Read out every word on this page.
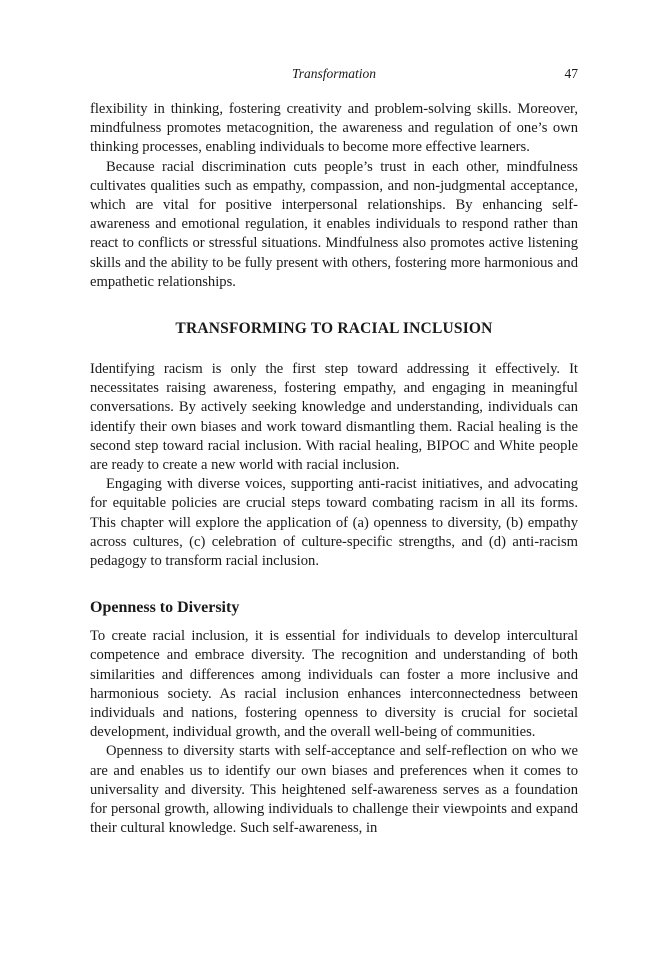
Transformation	47

flexibility in thinking, fostering creativity and problem-solving skills. Moreover, mindfulness promotes metacognition, the awareness and regulation of one’s own thinking processes, enabling individuals to become more effective learners.

Because racial discrimination cuts people’s trust in each other, mindfulness cultivates qualities such as empathy, compassion, and non-judgmental acceptance, which are vital for positive interpersonal relationships. By enhancing self-awareness and emotional regulation, it enables individuals to respond rather than react to conflicts or stressful situations. Mindfulness also promotes active listening skills and the ability to be fully present with others, fostering more harmonious and empathetic relationships.

TRANSFORMING TO RACIAL INCLUSION

Identifying racism is only the first step toward addressing it effectively. It necessitates raising awareness, fostering empathy, and engaging in meaningful conversations. By actively seeking knowledge and understanding, individuals can identify their own biases and work toward dismantling them. Racial healing is the second step toward racial inclusion. With racial healing, BIPOC and White people are ready to create a new world with racial inclusion.

Engaging with diverse voices, supporting anti-racist initiatives, and advocating for equitable policies are crucial steps toward combating racism in all its forms. This chapter will explore the application of (a) openness to diversity, (b) empathy across cultures, (c) celebration of culture-specific strengths, and (d) anti-racism pedagogy to transform racial inclusion.

Openness to Diversity

To create racial inclusion, it is essential for individuals to develop intercultural competence and embrace diversity. The recognition and understanding of both similarities and differences among individuals can foster a more inclusive and harmonious society. As racial inclusion enhances interconnectedness between individuals and nations, fostering openness to diversity is crucial for societal development, individual growth, and the overall well-being of communities.

Openness to diversity starts with self-acceptance and self-reflection on who we are and enables us to identify our own biases and preferences when it comes to universality and diversity. This heightened self-awareness serves as a foundation for personal growth, allowing individuals to challenge their viewpoints and expand their cultural knowledge. Such self-awareness, in
